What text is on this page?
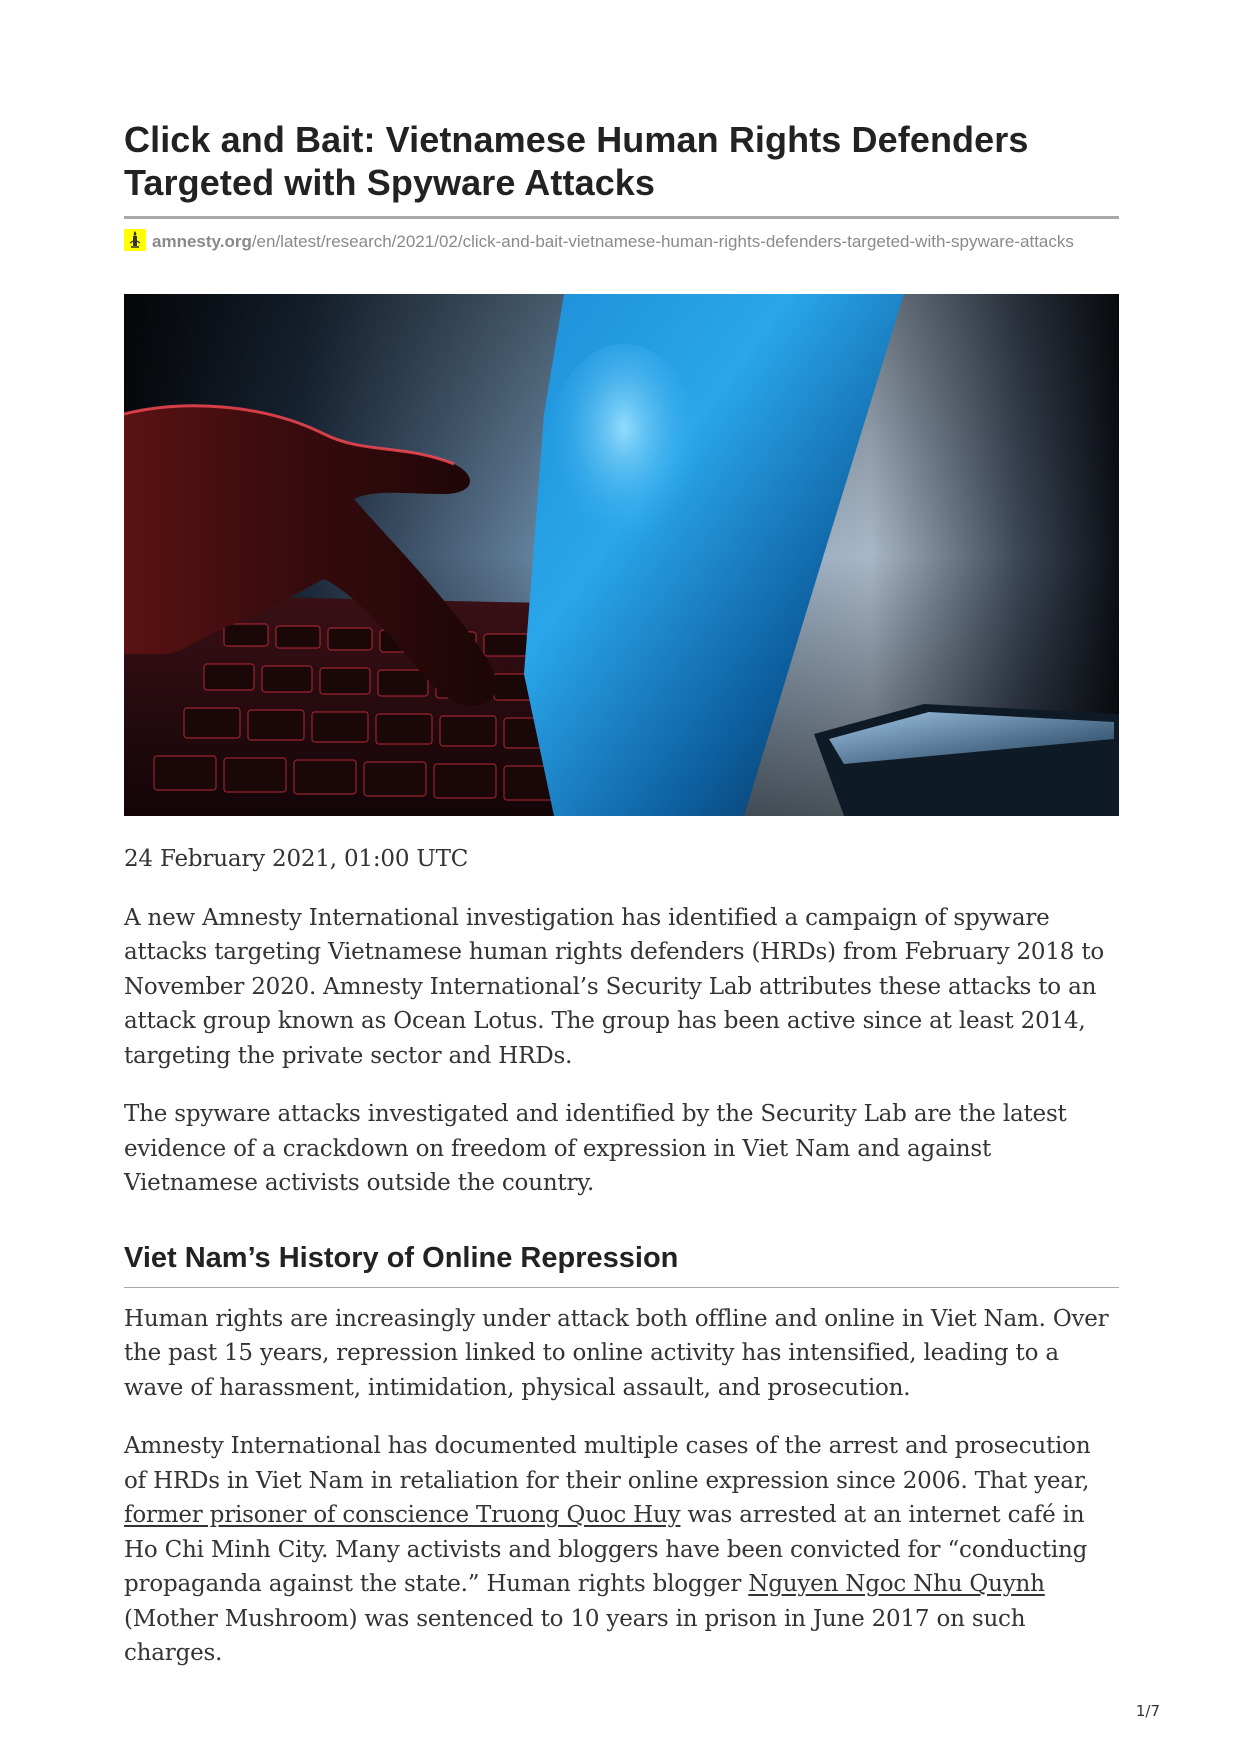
Click and Bait: Vietnamese Human Rights Defenders Targeted with Spyware Attacks
amnesty.org/en/latest/research/2021/02/click-and-bait-vietnamese-human-rights-defenders-targeted-with-spyware-attacks

24 February 2021, 01:00 UTC

A new Amnesty International investigation has identified a campaign of spyware attacks targeting Vietnamese human rights defenders (HRDs) from February 2018 to November 2020. Amnesty International’s Security Lab attributes these attacks to an attack group known as Ocean Lotus. The group has been active since at least 2014, targeting the private sector and HRDs.

The spyware attacks investigated and identified by the Security Lab are the latest evidence of a crackdown on freedom of expression in Viet Nam and against Vietnamese activists outside the country.

Viet Nam’s History of Online Repression

Human rights are increasingly under attack both offline and online in Viet Nam. Over the past 15 years, repression linked to online activity has intensified, leading to a wave of harassment, intimidation, physical assault, and prosecution.

Amnesty International has documented multiple cases of the arrest and prosecution of HRDs in Viet Nam in retaliation for their online expression since 2006. That year, former prisoner of conscience Truong Quoc Huy was arrested at an internet café in Ho Chi Minh City. Many activists and bloggers have been convicted for “conducting propaganda against the state.” Human rights blogger Nguyen Ngoc Nhu Quynh (Mother Mushroom) was sentenced to 10 years in prison in June 2017 on such charges.

1/7
